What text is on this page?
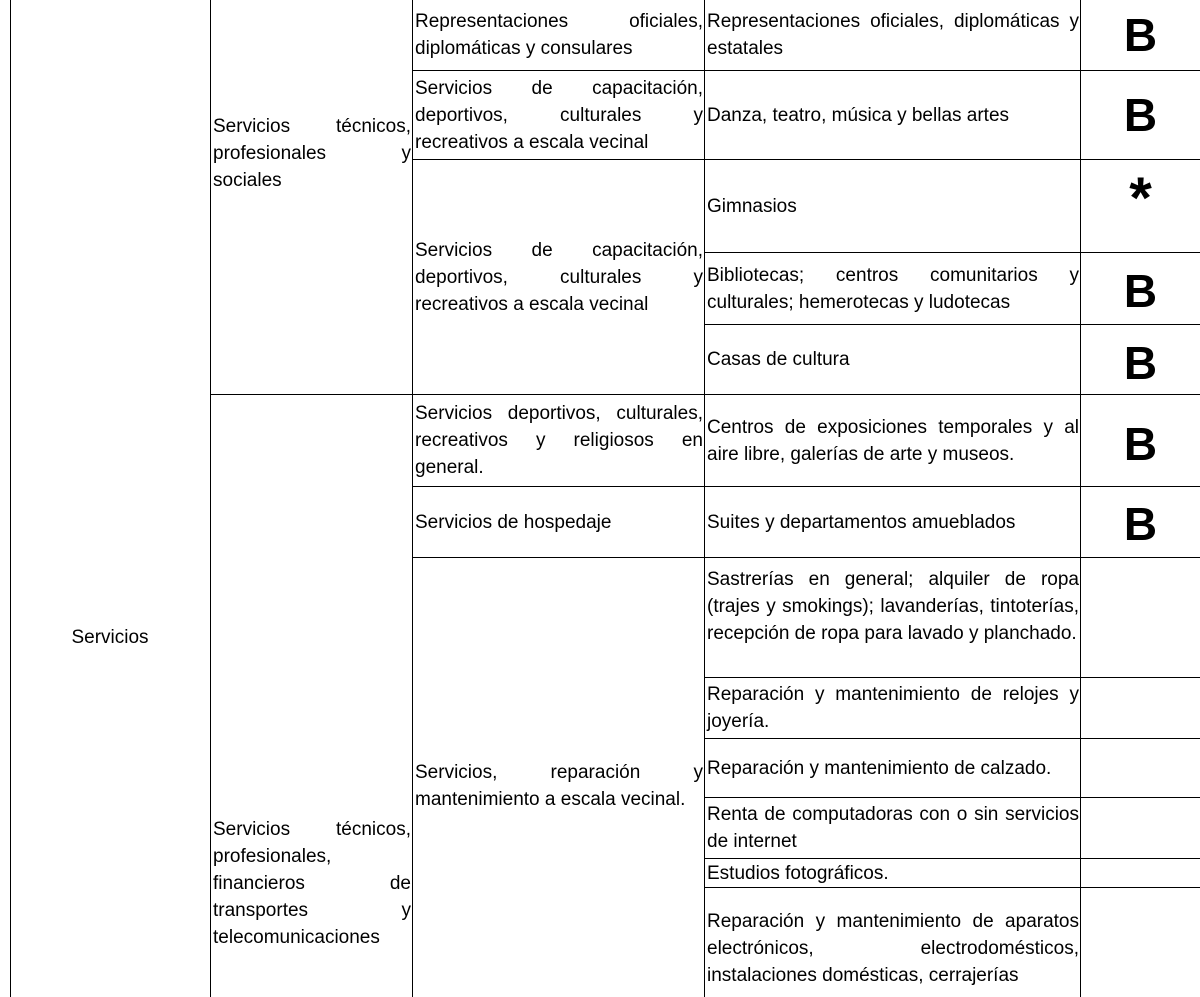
Servicios
Servicios técnicos, profesionales y sociales
Servicios técnicos, profesionales, financieros de transportes y telecomunicaciones
Representaciones oficiales, diplomáticas y consulares
Servicios de capacitación, deportivos, culturales y recreativos a escala vecinal
Servicios de capacitación, deportivos, culturales y recreativos a escala vecinal
Servicios deportivos, culturales, recreativos y religiosos en general.
Servicios de hospedaje
Servicios, reparación y mantenimiento a escala vecinal.
Representaciones oficiales, diplomáticas y estatales
Danza, teatro, música y bellas artes
Gimnasios
Bibliotecas; centros comunitarios y culturales; hemerotecas y ludotecas
Casas de cultura
Centros de exposiciones temporales y al aire libre, galerías de arte y museos.
Suites y departamentos amueblados
Sastrerías en general; alquiler de ropa (trajes y smokings); lavanderías, tintoterías, recepción de ropa para lavado y planchado.
Reparación y mantenimiento de relojes y joyería.
Reparación y mantenimiento de calzado.
Renta de computadoras con o sin servicios de internet
Estudios fotográficos.
Reparación y mantenimiento de aparatos electrónicos, electrodomésticos, instalaciones domésticas, cerrajerías
B
B
*
B
B
B
B
